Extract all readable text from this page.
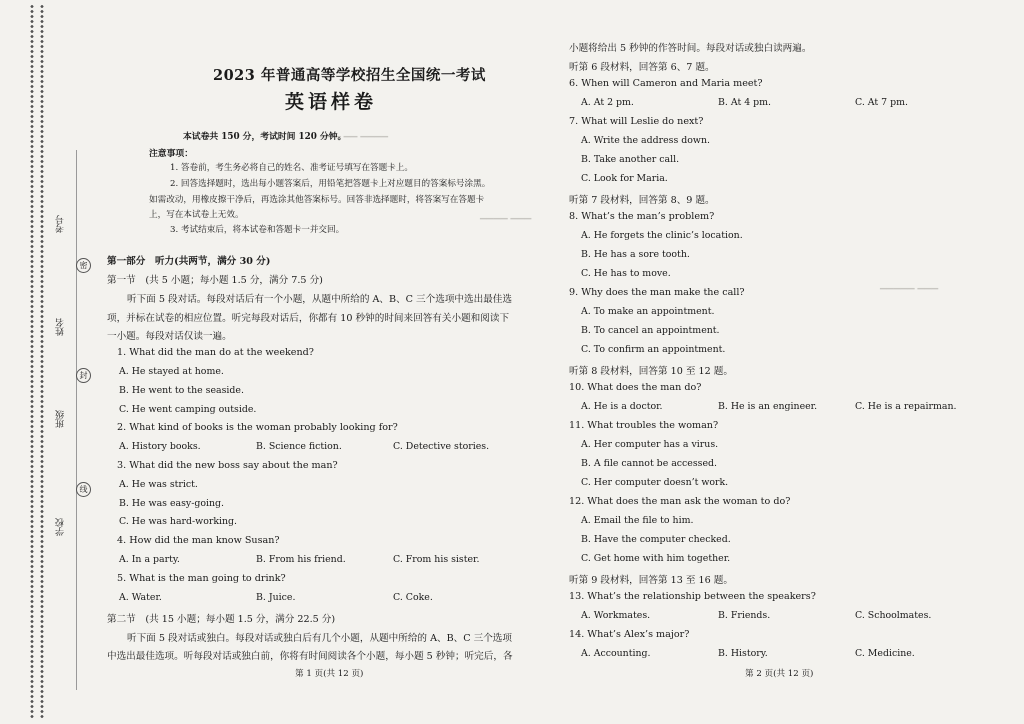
考号
姓名
班级
学校
密
封
线
▁▁▁ ▁▁ ▁▁▁▁
▁▁▁▁ ▁▁▁
▁▁▁▁▁ ▁▁▁
2023 年普通高等学校招生全国统一考试
英语样卷
本试卷共 150 分，考试时间 120 分钟。
注意事项：
1. 答卷前，考生务必将自己的姓名、准考证号填写在答题卡上。
2. 回答选择题时，选出每小题答案后，用铅笔把答题卡上对应题目的答案标号涂黑。
如需改动，用橡皮擦干净后，再选涂其他答案标号。回答非选择题时，将答案写在答题卡
上，写在本试卷上无效。
3. 考试结束后，将本试卷和答题卡一并交回。
第一部分　听力(共两节，满分 30 分)
第一节　(共 5 小题；每小题 1.5 分，满分 7.5 分)
听下面 5 段对话。每段对话后有一个小题，从题中所给的 A、B、C 三个选项中选出最佳选
项，并标在试卷的相应位置。听完每段对话后，你都有 10 秒钟的时间来回答有关小题和阅读下
一小题。每段对话仅读一遍。
1. What did the man do at the weekend?
A. He stayed at home.
B. He went to the seaside.
C. He went camping outside.
2. What kind of books is the woman probably looking for?
A. History books.	B. Science fiction.	C. Detective stories.
3. What did the new boss say about the man?
A. He was strict.
B. He was easy-going.
C. He was hard-working.
4. How did the man know Susan?
A. In a party.	B. From his friend.	C. From his sister.
5. What is the man going to drink?
A. Water.	B. Juice.	C. Coke.
第二节　(共 15 小题；每小题 1.5 分，满分 22.5 分)
听下面 5 段对话或独白。每段对话或独白后有几个小题，从题中所给的 A、B、C 三个选项
中选出最佳选项。听每段对话或独白前，你将有时间阅读各个小题，每小题 5 秒钟；听完后，各
第 1 页(共 12 页)
小题将给出 5 秒钟的作答时间。每段对话或独白读两遍。
听第 6 段材料，回答第 6、7 题。
6. When will Cameron and Maria meet?
A. At 2 pm.	B. At 4 pm.	C. At 7 pm.
7. What will Leslie do next?
A. Write the address down.
B. Take another call.
C. Look for Maria.
听第 7 段材料，回答第 8、9 题。
8. What’s the man’s problem?
A. He forgets the clinic’s location.
B. He has a sore tooth.
C. He has to move.
9. Why does the man make the call?
A. To make an appointment.
B. To cancel an appointment.
C. To confirm an appointment.
听第 8 段材料，回答第 10 至 12 题。
10. What does the man do?
A. He is a doctor.	B. He is an engineer.	C. He is a repairman.
11. What troubles the woman?
A. Her computer has a virus.
B. A file cannot be accessed.
C. Her computer doesn’t work.
12. What does the man ask the woman to do?
A. Email the file to him.
B. Have the computer checked.
C. Get home with him together.
听第 9 段材料，回答第 13 至 16 题。
13. What’s the relationship between the speakers?
A. Workmates.	B. Friends.	C. Schoolmates.
14. What’s Alex’s major?
A. Accounting.	B. History.	C. Medicine.
第 2 页(共 12 页)
